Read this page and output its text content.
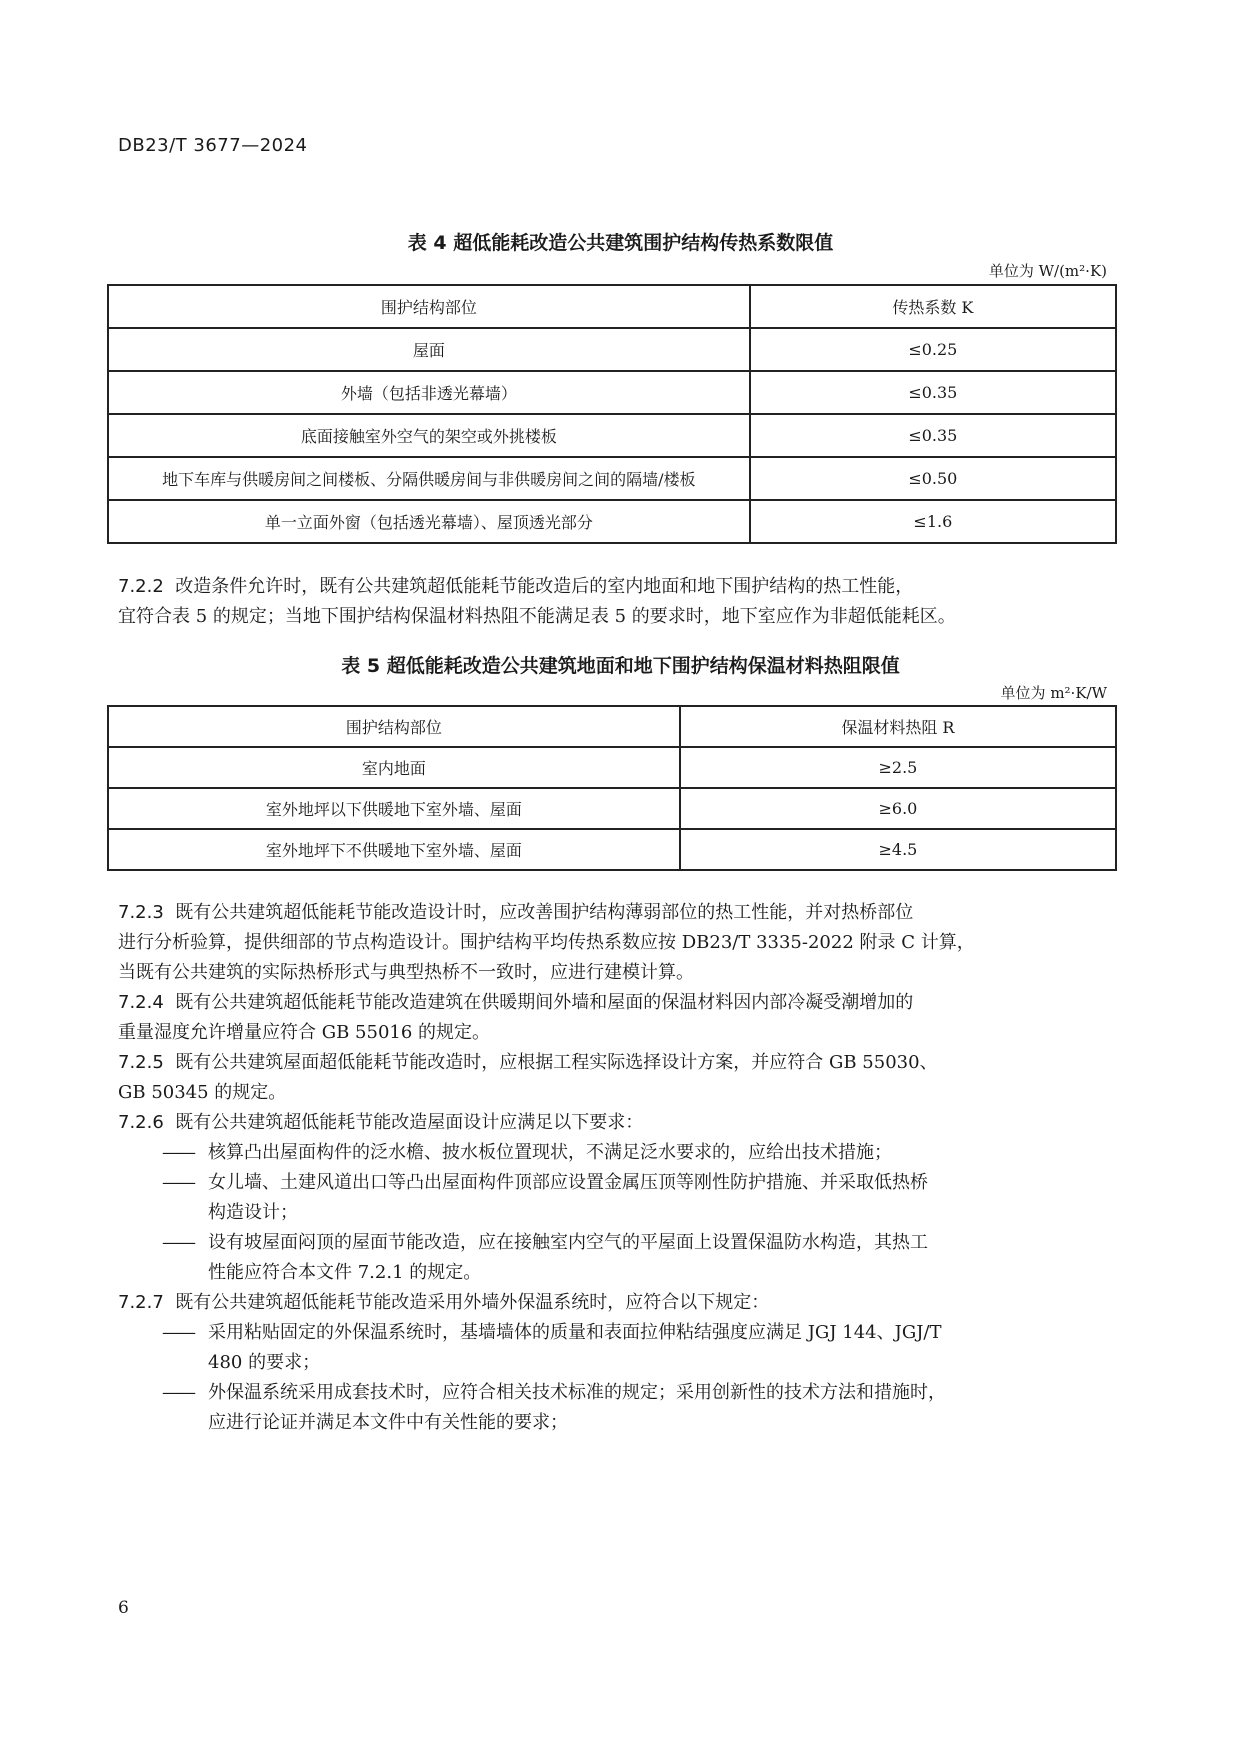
DB23/T 3677—2024
表 4 超低能耗改造公共建筑围护结构传热系数限值
单位为 W/(m²·K)
围护结构部位	传热系数 K
屋面	≤0.25
外墙（包括非透光幕墙）	≤0.35
底面接触室外空气的架空或外挑楼板	≤0.35
地下车库与供暖房间之间楼板、分隔供暖房间与非供暖房间之间的隔墙/楼板	≤0.50
单一立面外窗（包括透光幕墙）、屋顶透光部分	≤1.6
7.2.2 改造条件允许时，既有公共建筑超低能耗节能改造后的室内地面和地下围护结构的热工性能，
宜符合表 5 的规定；当地下围护结构保温材料热阻不能满足表 5 的要求时，地下室应作为非超低能耗区。
表 5 超低能耗改造公共建筑地面和地下围护结构保温材料热阻限值
单位为 m²·K/W
围护结构部位	保温材料热阻 R
室内地面	≥2.5
室外地坪以下供暖地下室外墙、屋面	≥6.0
室外地坪下不供暖地下室外墙、屋面	≥4.5
7.2.3 既有公共建筑超低能耗节能改造设计时，应改善围护结构薄弱部位的热工性能，并对热桥部位
进行分析验算，提供细部的节点构造设计。围护结构平均传热系数应按 DB23/T 3335-2022 附录 C 计算，
当既有公共建筑的实际热桥形式与典型热桥不一致时，应进行建模计算。
7.2.4 既有公共建筑超低能耗节能改造建筑在供暖期间外墙和屋面的保温材料因内部冷凝受潮增加的
重量湿度允许增量应符合 GB 55016 的规定。
7.2.5 既有公共建筑屋面超低能耗节能改造时，应根据工程实际选择设计方案，并应符合 GB 55030、
GB 50345 的规定。
7.2.6 既有公共建筑超低能耗节能改造屋面设计应满足以下要求：
—— 核算凸出屋面构件的泛水檐、披水板位置现状，不满足泛水要求的，应给出技术措施；
—— 女儿墙、土建风道出口等凸出屋面构件顶部应设置金属压顶等刚性防护措施、并采取低热桥
构造设计；
—— 设有坡屋面闷顶的屋面节能改造，应在接触室内空气的平屋面上设置保温防水构造，其热工
性能应符合本文件 7.2.1 的规定。
7.2.7 既有公共建筑超低能耗节能改造采用外墙外保温系统时，应符合以下规定：
—— 采用粘贴固定的外保温系统时，基墙墙体的质量和表面拉伸粘结强度应满足 JGJ 144、JGJ/T
480 的要求；
—— 外保温系统采用成套技术时，应符合相关技术标准的规定；采用创新性的技术方法和措施时，
应进行论证并满足本文件中有关性能的要求；
6
